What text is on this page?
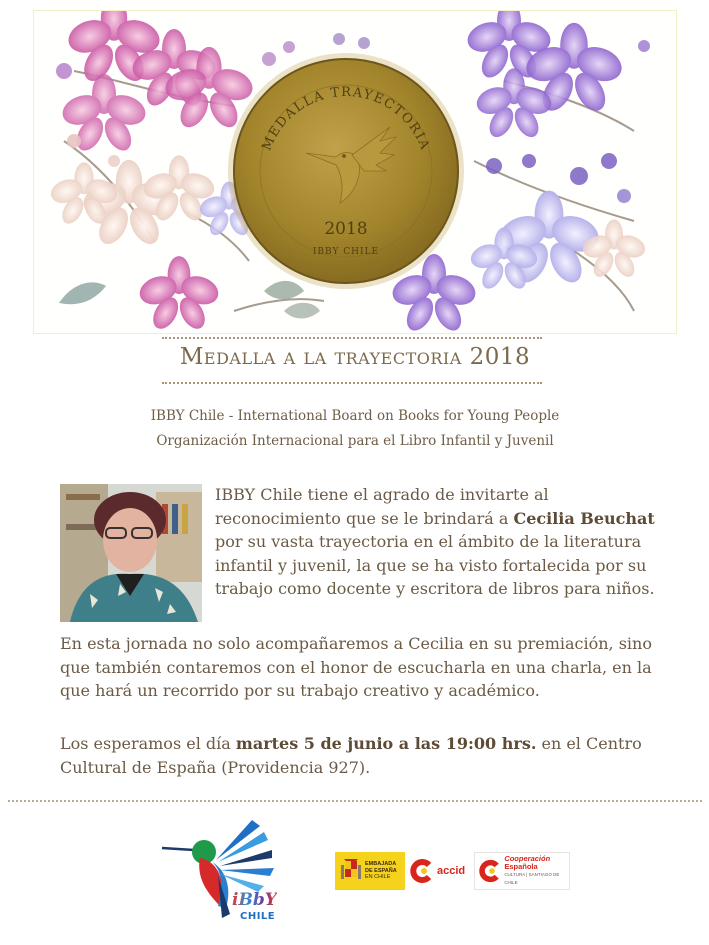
MEDALLA TRAYECTORIA
2018
IBBY CHILE
Medalla a la trayectoria 2018
IBBY Chile - International Board on Books for Young People
Organización Internacional para el Libro Infantil y Juvenil
IBBY Chile tiene el agrado de invitarte al
reconocimiento que se le brindará a Cecilia Beuchat
por su vasta trayectoria en el ámbito de la literatura
infantil y juvenil, la que se ha visto fortalecida por su
trabajo como docente y escritora de libros para niños.
En esta jornada no solo acompañaremos a Cecilia en su premiación, sino
que también contaremos con el honor de escucharla en una charla, en la
que hará un recorrido por su trabajo creativo y académico.
Los esperamos el día martes 5 de junio a las 19:00 hrs. en el Centro
Cultural de España (Providencia 927).
iBbY
CHILE
EMBAJADA
DE ESPAÑA
EN CHILE
accid
Cooperación
Española
CULTURA | SANTIAGO DE CHILE
